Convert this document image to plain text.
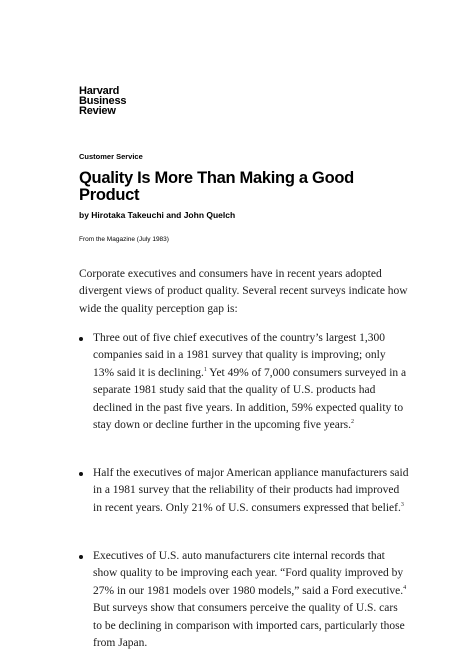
Harvard
Business
Review
Customer Service
Quality Is More Than Making a Good Product
by Hirotaka Takeuchi and John Quelch
From the Magazine (July 1983)

Corporate executives and consumers have in recent years adopted divergent views of product quality. Several recent surveys indicate how wide the quality perception gap is:

Three out of five chief executives of the country’s largest 1,300 companies said in a 1981 survey that quality is improving; only 13% said it is declining.$^1$ Yet 49% of 7,000 consumers surveyed in a separate 1981 study said that the quality of U.S. products had declined in the past five years. In addition, 59% expected quality to stay down or decline further in the upcoming five years.$^2$

Half the executives of major American appliance manufacturers said in a 1981 survey that the reliability of their products had improved in recent years. Only 21% of U.S. consumers expressed that belief.$^3$

Executives of U.S. auto manufacturers cite internal records that show quality to be improving each year. “Ford quality improved by 27% in our 1981 models over 1980 models,” said a Ford executive.$^4$ But surveys show that consumers perceive the quality of U.S. cars to be declining in comparison with imported cars, particularly those from Japan.
